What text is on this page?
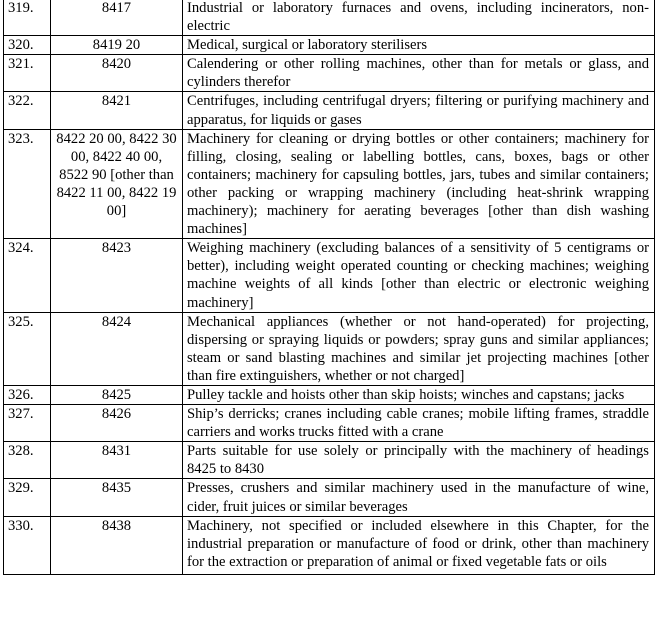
319.	8417	Industrial or laboratory furnaces and ovens, including incinerators, non-electric
320.	8419 20	Medical, surgical or laboratory sterilisers
321.	8420	Calendering or other rolling machines, other than for metals or glass, and cylinders therefor
322.	8421	Centrifuges, including centrifugal dryers; filtering or purifying machinery and apparatus, for liquids or gases
323.	8422 20 00, 8422 30 00, 8422 40 00, 8522 90 [other than 8422 11 00, 8422 19 00]	Machinery for cleaning or drying bottles or other containers; machinery for filling, closing, sealing or labelling bottles, cans, boxes, bags or other containers; machinery for capsuling bottles, jars, tubes and similar containers; other packing or wrapping machinery (including heat-shrink wrapping machinery); machinery for aerating beverages [other than dish washing machines]
324.	8423	Weighing machinery (excluding balances of a sensitivity of 5 centigrams or better), including weight operated counting or checking machines; weighing machine weights of all kinds [other than electric or electronic weighing machinery]
325.	8424	Mechanical appliances (whether or not hand-operated) for projecting, dispersing or spraying liquids or powders; spray guns and similar appliances; steam or sand blasting machines and similar jet projecting machines [other than fire extinguishers, whether or not charged]
326.	8425	Pulley tackle and hoists other than skip hoists; winches and capstans; jacks
327.	8426	Ship’s derricks; cranes including cable cranes; mobile lifting frames, straddle carriers and works trucks fitted with a crane
328.	8431	Parts suitable for use solely or principally with the machinery of headings 8425 to 8430
329.	8435	Presses, crushers and similar machinery used in the manufacture of wine, cider, fruit juices or similar beverages
330.	8438	Machinery, not specified or included elsewhere in this Chapter, for the industrial preparation or manufacture of food or drink, other than machinery for the extraction or preparation of animal or fixed vegetable fats or oils
